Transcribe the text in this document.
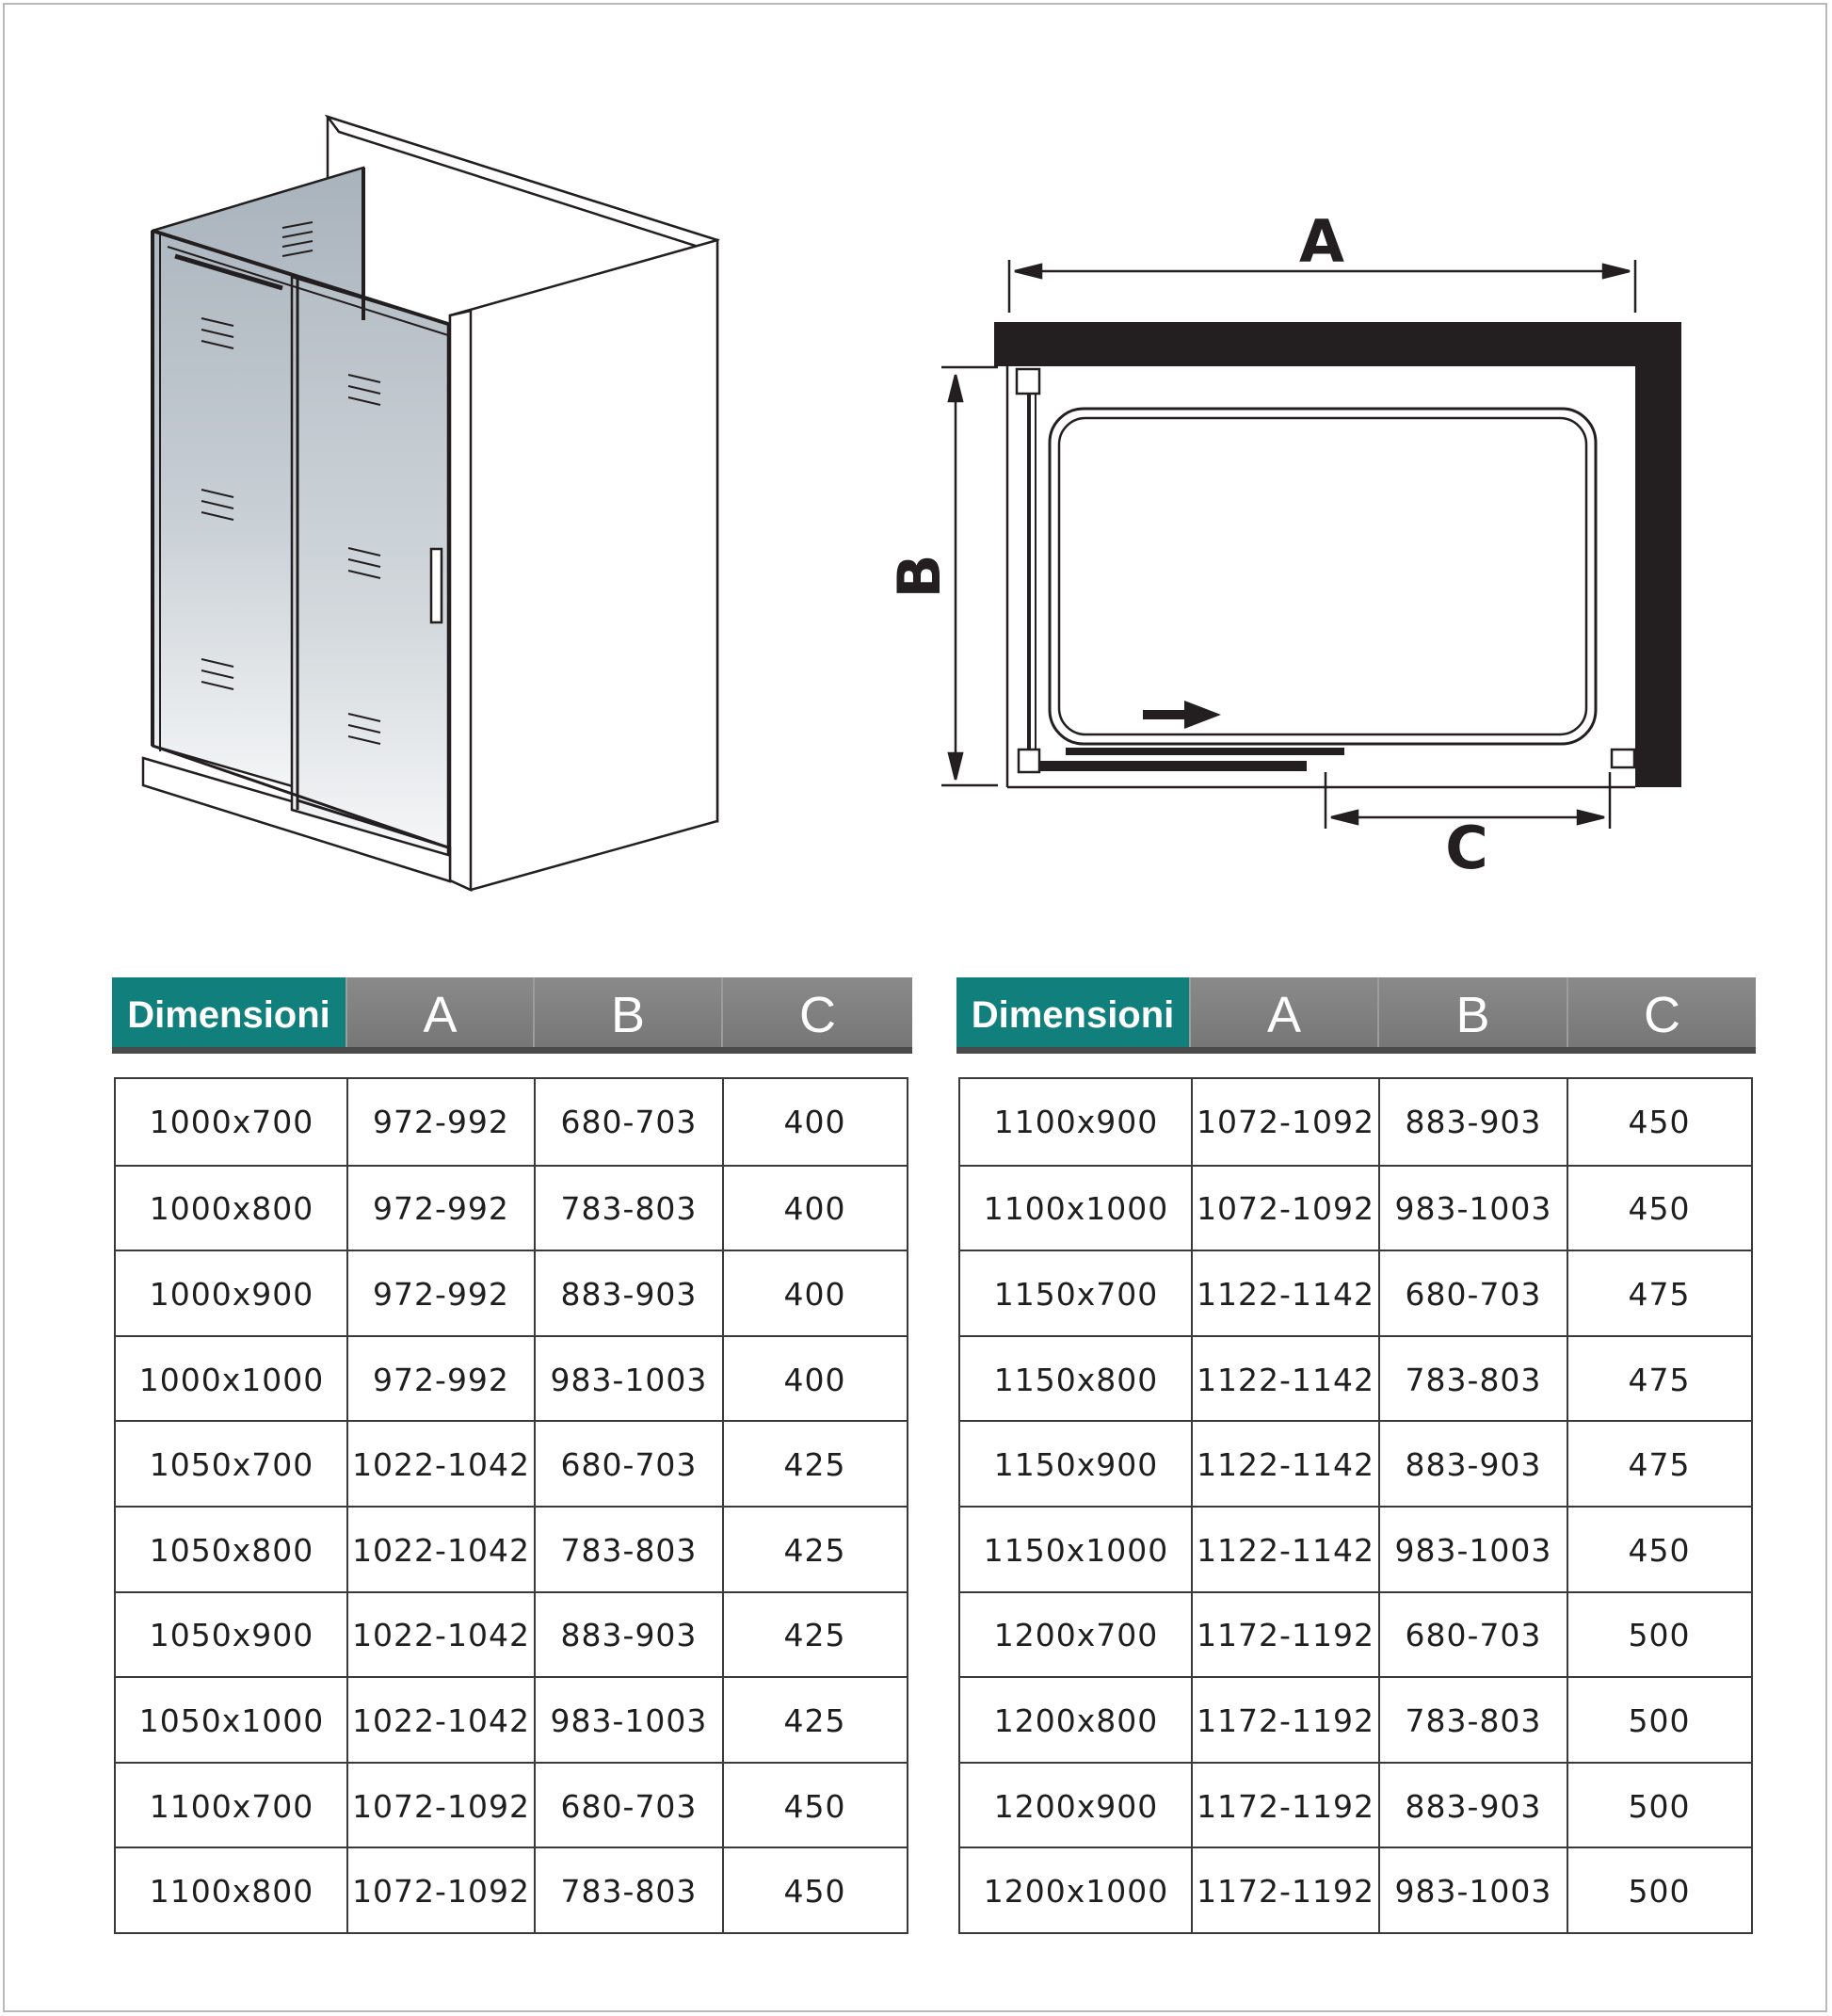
A
B
C
Dimensioni	A	B	C
1000x700	972-992	680-703	400
1000x800	972-992	783-803	400
1000x900	972-992	883-903	400
1000x1000	972-992	983-1003	400
1050x700	1022-1042 680-703	425
1050x800	1022-1042 783-803	425
1050x900	1022-1042 883-903	425
1050x1000 1022-1042 983-1003	425
1100x700	1072-1092 680-703	450
1100x800	1072-1092 783-803	450
Dimensioni	A	B	C
1100x900	1072-1092 883-903	450
1100x1000 1072-1092 983-1003	450
1150x700	1122-1142 680-703	475
1150x800	1122-1142 783-803	475
1150x900	1122-1142 883-903	475
1150x1000 1122-1142 983-1003	450
1200x700	1172-1192 680-703	500
1200x800	1172-1192 783-803	500
1200x900	1172-1192 883-903	500
1200x1000 1172-1192 983-1003	500
